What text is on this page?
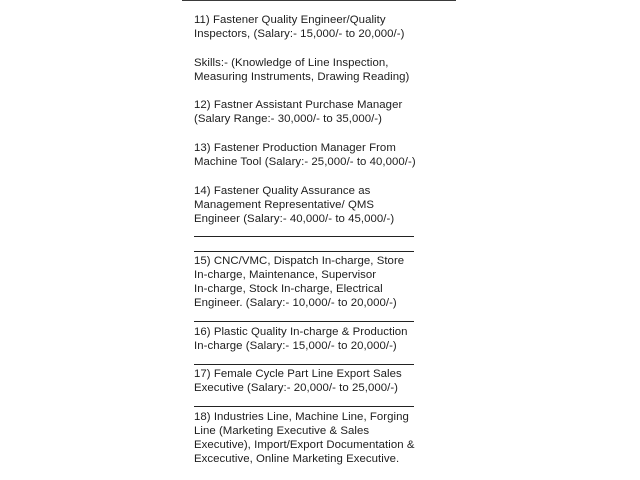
11) Fastener Quality Engineer/Quality
Inspectors, (Salary:- 15,000/- to 20,000/-)
Skills:- (Knowledge of Line Inspection,
Measuring Instruments, Drawing Reading)
12) Fastner Assistant Purchase Manager
(Salary Range:- 30,000/- to 35,000/-)
13) Fastener Production Manager From
Machine Tool (Salary:- 25,000/- to 40,000/-)
14) Fastener Quality Assurance as
Management Representative/ QMS
Engineer (Salary:- 40,000/- to 45,000/-)
15) CNC/VMC, Dispatch In-charge, Store
In-charge, Maintenance, Supervisor
In-charge, Stock In-charge, Electrical
Engineer. (Salary:- 10,000/- to 20,000/-)
16) Plastic Quality In-charge & Production
In-charge (Salary:- 15,000/- to 20,000/-)
17) Female Cycle Part Line Export Sales
Executive (Salary:- 20,000/- to 25,000/-)
18) Industries Line, Machine Line, Forging
Line (Marketing Executive & Sales
Executive), Import/Export Documentation &
Excecutive, Online Marketing Executive.
